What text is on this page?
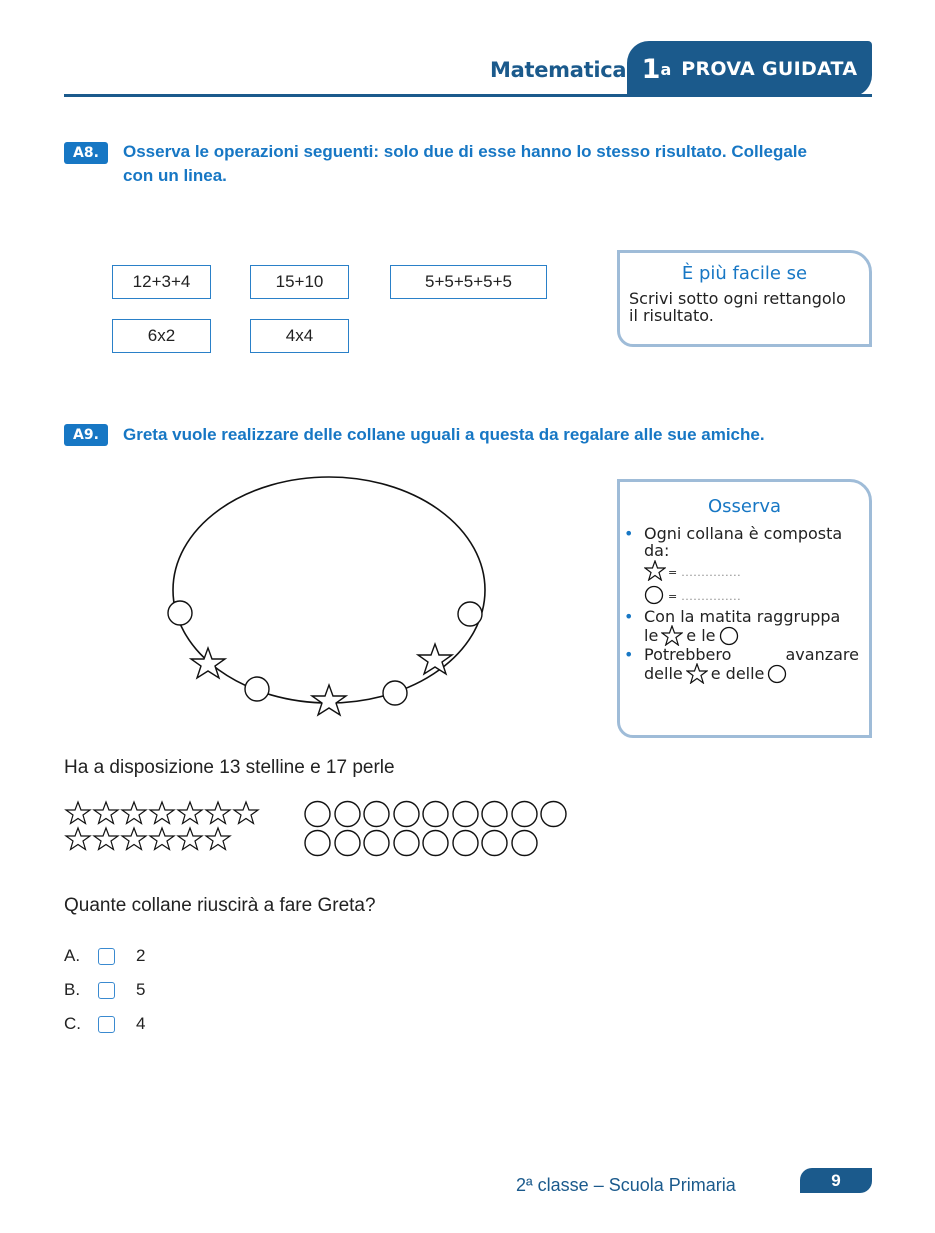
Matematica 1 a PROVA GUIDATA
A8.	Osserva le operazioni seguenti: solo due di esse hanno lo stesso risultato. Collegale
con un linea.
12+3+4	15+10	5+5+5+5+5
6x2	4x4
È più facile se
Scrivi sotto ogni rettangolo
il risultato.
A9.	Greta vuole realizzare delle collane uguali a questa da regalare alle sue amiche.
Osserva
• Ogni collana è composta
da:
= ...............
= ...............
• Con la matita raggruppa
le e le
• Potrebbero	avanzare
delle e delle
Ha a disposizione 13 stelline e 17 perle
Quante collane riuscirà a fare Greta?
A.	2
B.	5
C.	4
2ª classe – Scuola Primaria	9
